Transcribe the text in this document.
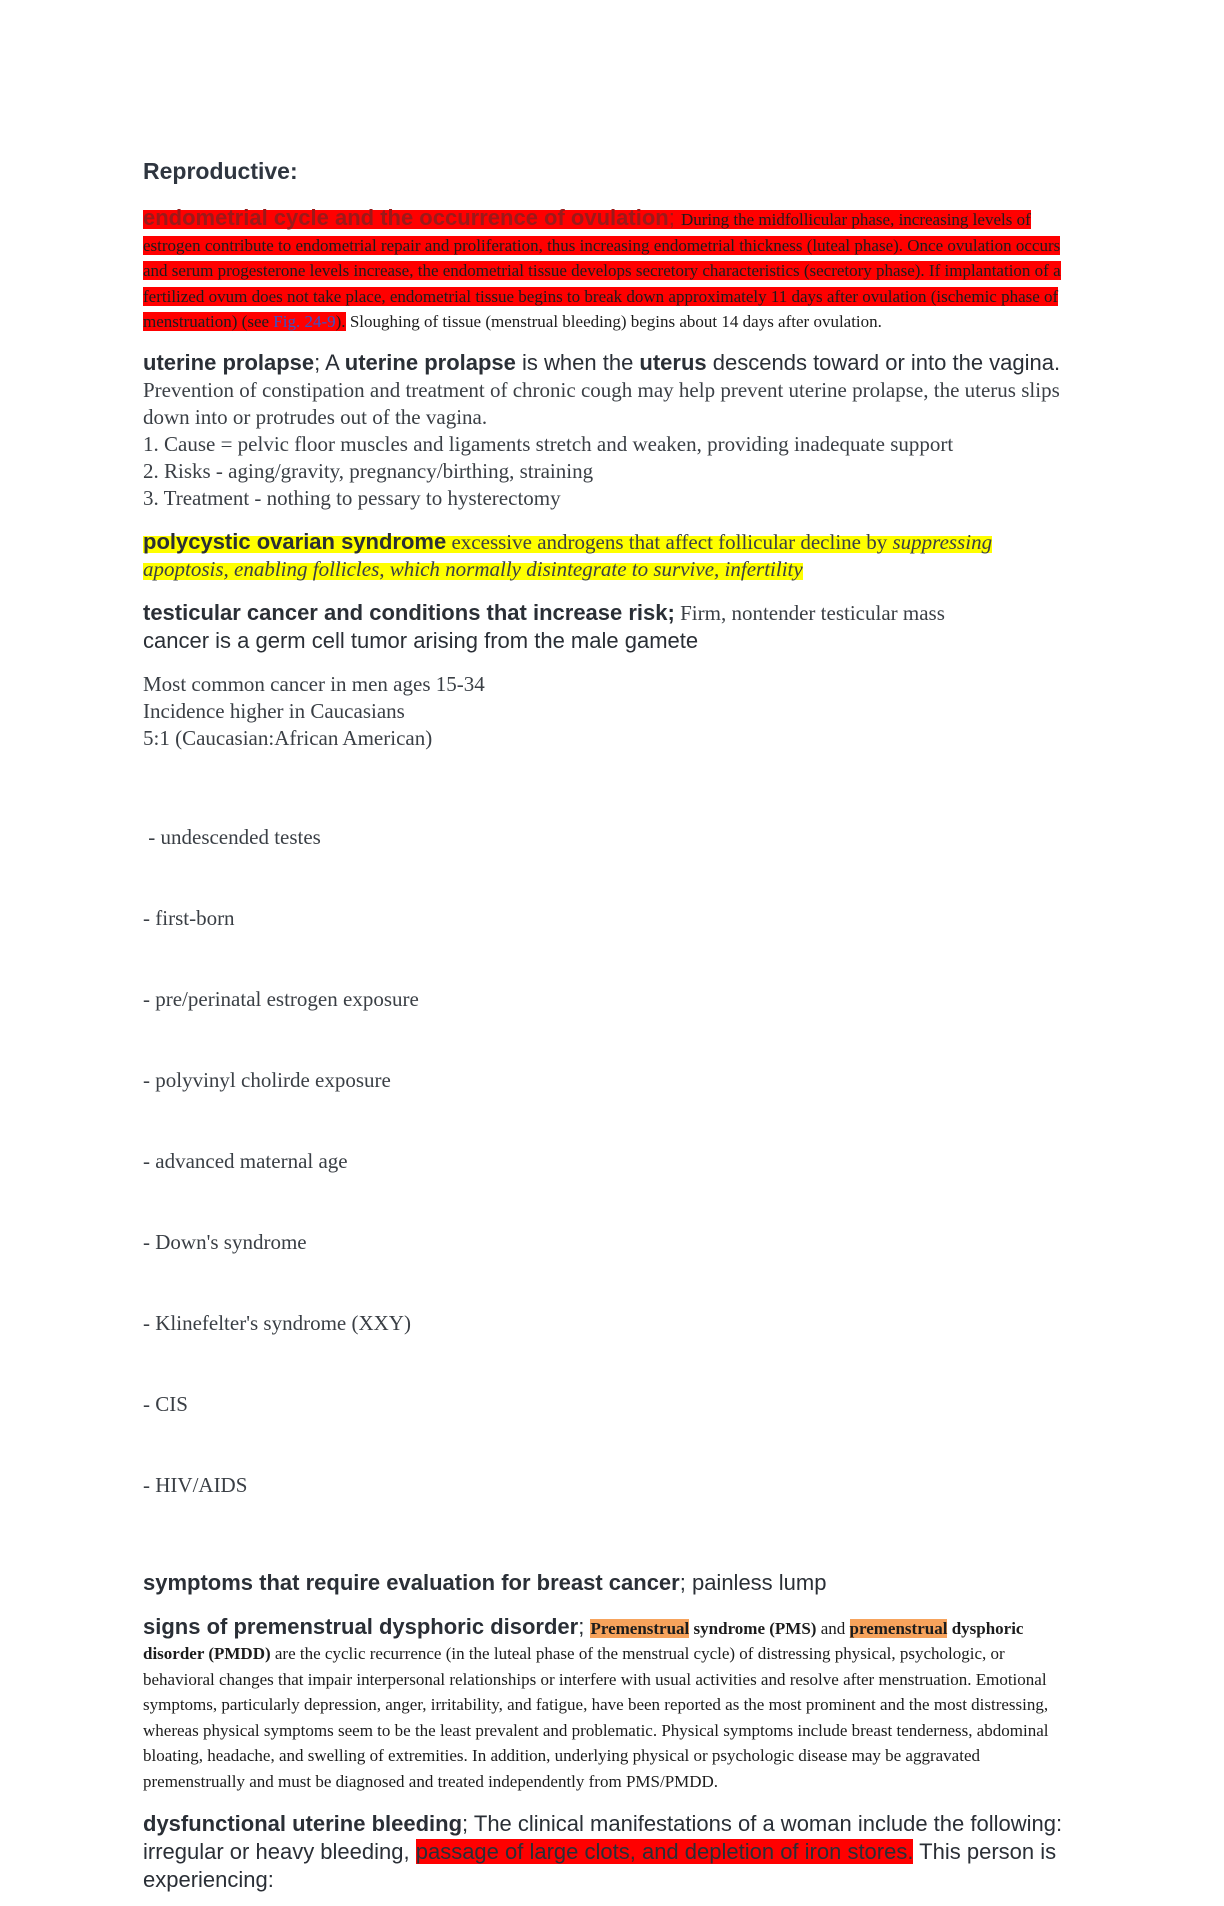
Reproductive:
endometrial cycle and the occurrence of ovulation; During the midfollicular phase, increasing levels of estrogen contribute to endometrial repair and proliferation, thus increasing endometrial thickness (luteal phase). Once ovulation occurs and serum progesterone levels increase, the endometrial tissue develops secretory characteristics (secretory phase). If implantation of a fertilized ovum does not take place, endometrial tissue begins to break down approximately 11 days after ovulation (ischemic phase of menstruation) (see Fig. 24-9). Sloughing of tissue (menstrual bleeding) begins about 14 days after ovulation.
uterine prolapse; A uterine prolapse is when the uterus descends toward or into the vagina. Prevention of constipation and treatment of chronic cough may help prevent uterine prolapse, the uterus slips down into or protrudes out of the vagina.
1. Cause = pelvic floor muscles and ligaments stretch and weaken, providing inadequate support
2. Risks - aging/gravity, pregnancy/birthing, straining
3. Treatment - nothing to pessary to hysterectomy
polycystic ovarian syndrome excessive androgens that affect follicular decline by suppressing apoptosis, enabling follicles, which normally disintegrate to survive, infertility
testicular cancer and conditions that increase risk; Firm, nontender testicular mass
cancer is a germ cell tumor arising from the male gamete
Most common cancer in men ages 15-34
Incidence higher in Caucasians
5:1 (Caucasian:African American)

- undescended testes

- first-born

- pre/perinatal estrogen exposure

- polyvinyl cholirde exposure

- advanced maternal age

- Down's syndrome

- Klinefelter's syndrome (XXY)

- CIS

- HIV/AIDS

symptoms that require evaluation for breast cancer; painless lump
signs of premenstrual dysphoric disorder; Premenstrual syndrome (PMS) and premenstrual dysphoric disorder (PMDD) are the cyclic recurrence (in the luteal phase of the menstrual cycle) of distressing physical, psychologic, or behavioral changes that impair interpersonal relationships or interfere with usual activities and resolve after menstruation. Emotional symptoms, particularly depression, anger, irritability, and fatigue, have been reported as the most prominent and the most distressing, whereas physical symptoms seem to be the least prevalent and problematic. Physical symptoms include breast tenderness, abdominal bloating, headache, and swelling of extremities. In addition, underlying physical or psychologic disease may be aggravated premenstrually and must be diagnosed and treated independently from PMS/PMDD.
dysfunctional uterine bleeding; The clinical manifestations of a woman include the following: irregular or heavy bleeding, passage of large clots, and depletion of iron stores. This person is experiencing:
